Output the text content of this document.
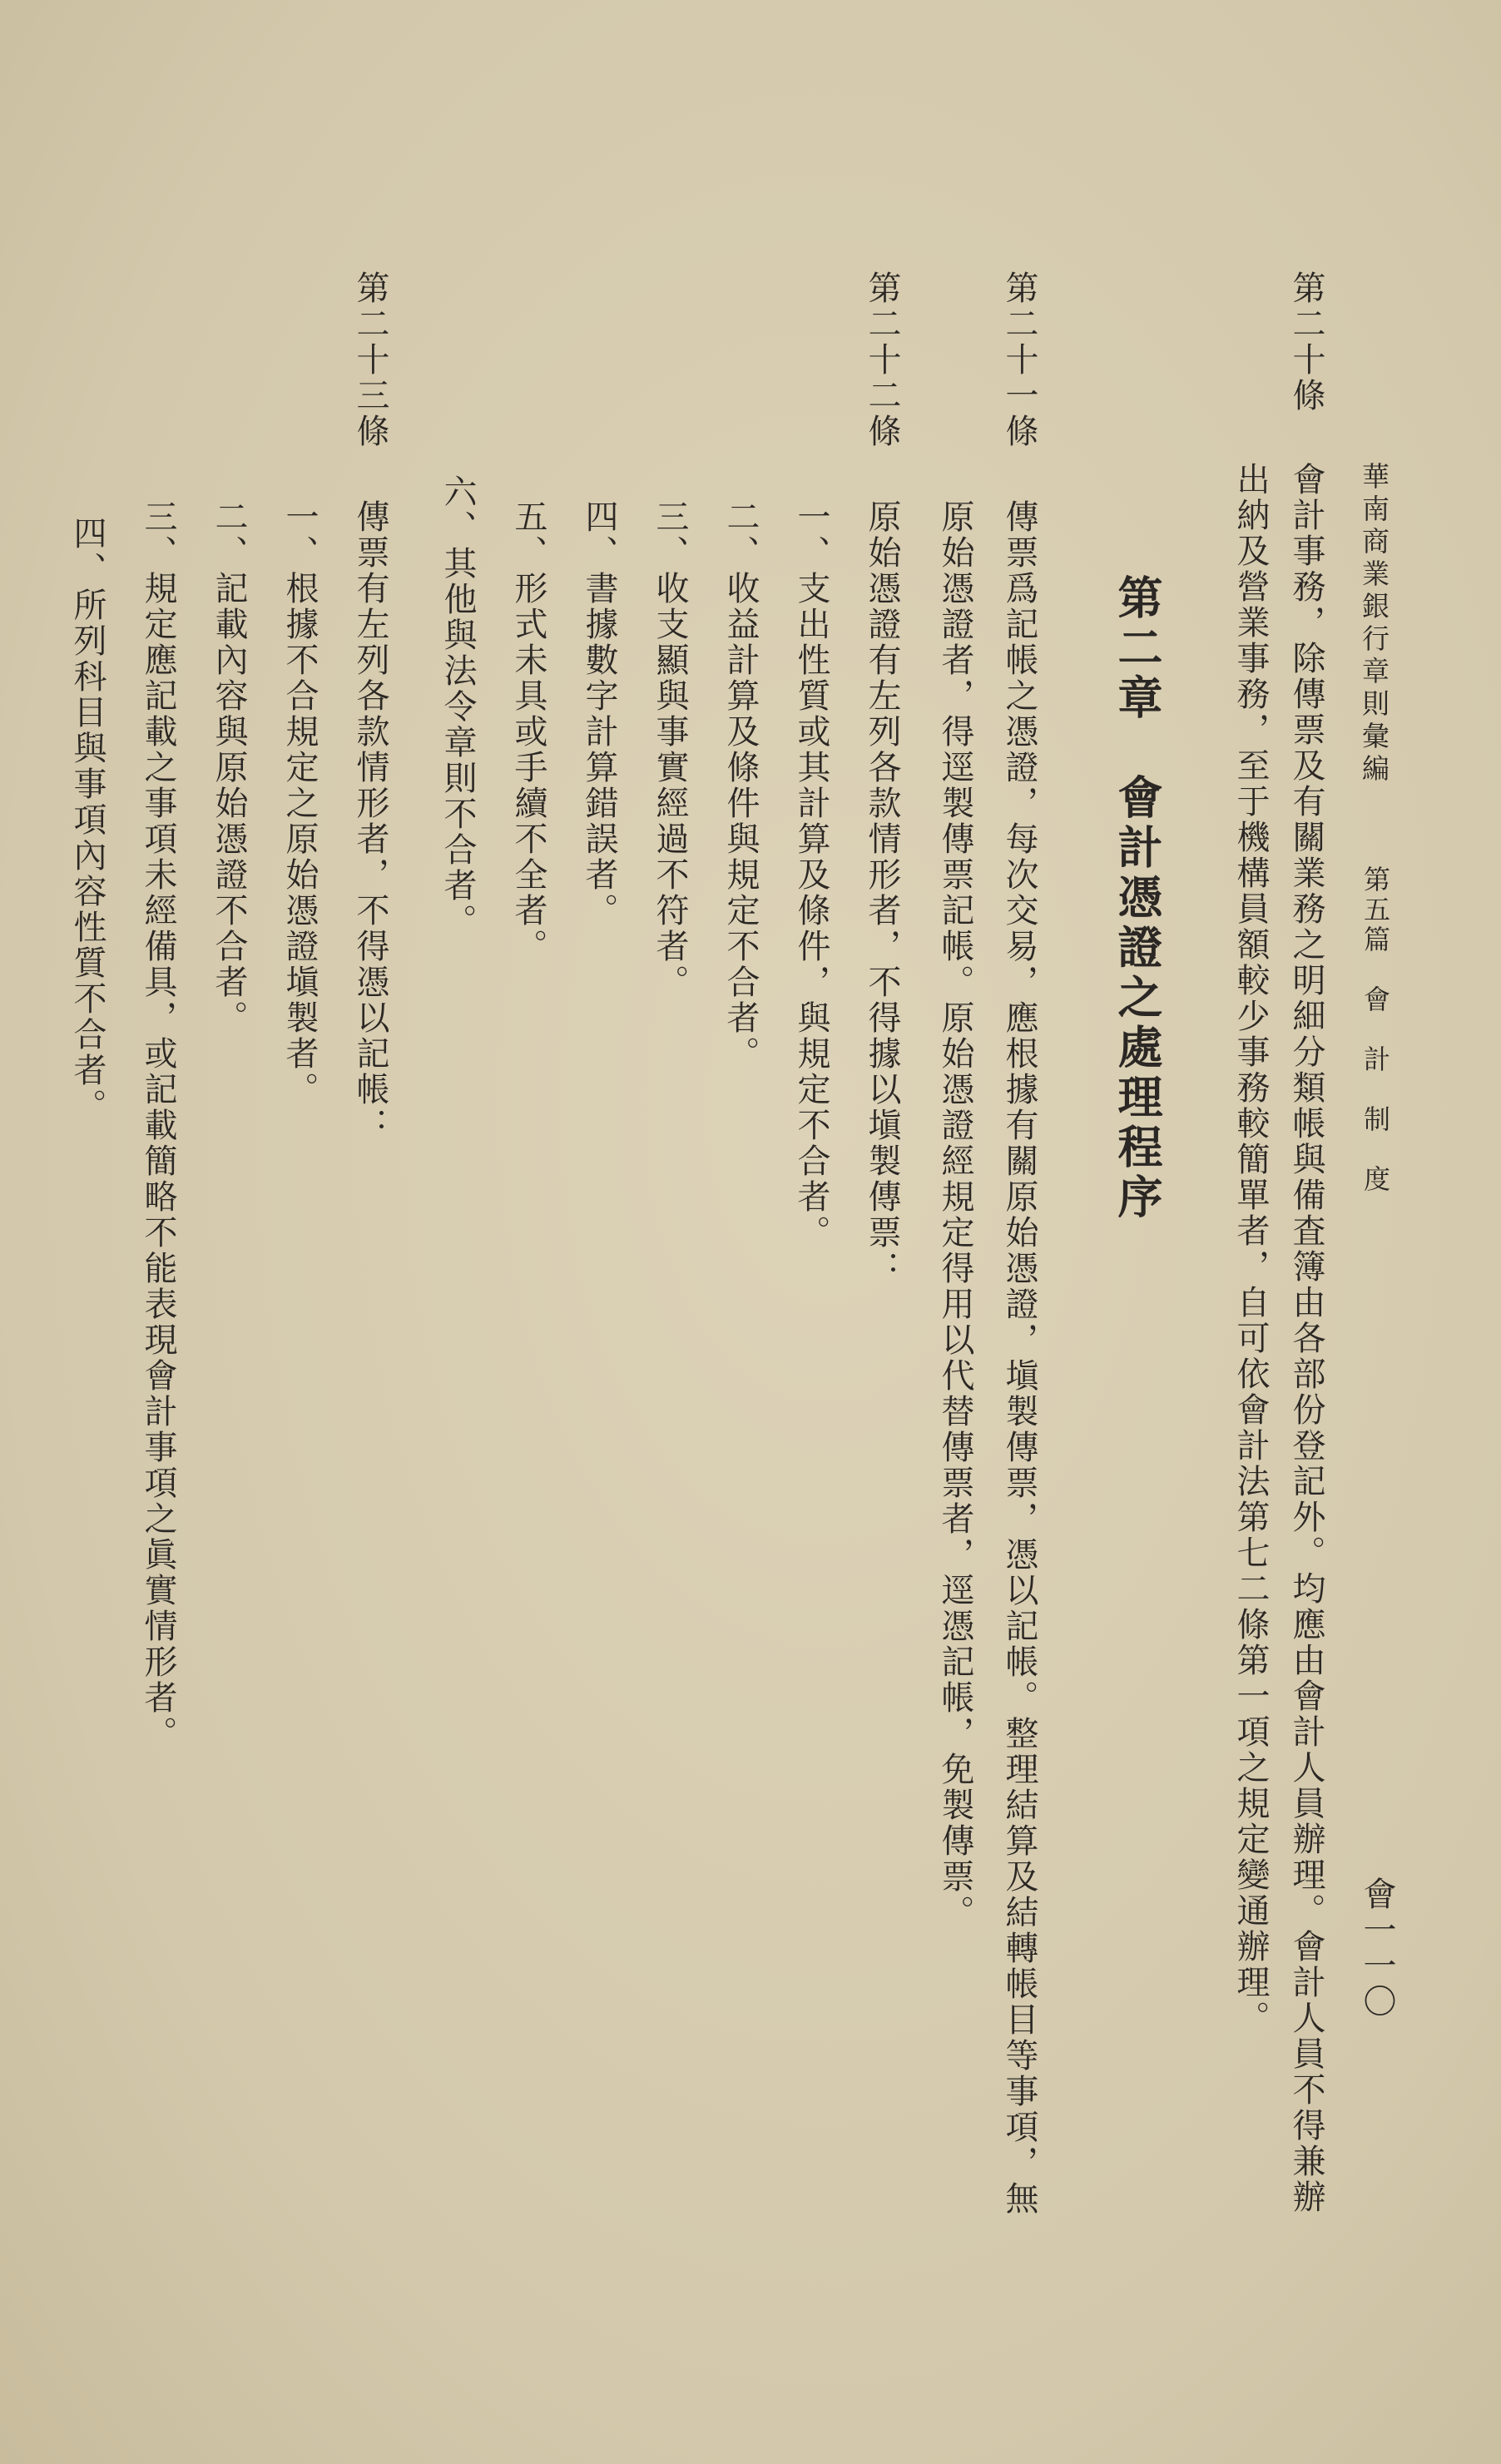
華南商業銀行章則彙編
第五篇　會　計　制　度
會一一〇
第二十條
會計事務，除傳票及有關業務之明細分類帳與備査簿由各部份登記外。均應由會計人員辦理。會計人員不得兼辦
出納及營業事務，至于機構員額較少事務較簡單者，自可依會計法第七二條第一項之規定變通辦理。
第二章　會計憑證之處理程序
第二十一條
傳票爲記帳之憑證，每次交易，應根據有關原始憑證，塡製傳票，憑以記帳。整理結算及結轉帳目等事項，無
原始憑證者，得逕製傳票記帳。原始憑證經規定得用以代替傳票者，逕憑記帳，免製傳票。
第二十二條
原始憑證有左列各款情形者，不得據以塡製傳票：
一、支出性質或其計算及條件，與規定不合者。
二、收益計算及條件與規定不合者。
三、收支顯與事實經過不符者。
四、書據數字計算錯誤者。
五、形式未具或手續不全者。
六、其他與法令章則不合者。
第二十三條
傳票有左列各款情形者，不得憑以記帳：
一、根據不合規定之原始憑證塡製者。
二、記載內容與原始憑證不合者。
三、規定應記載之事項未經備具，或記載簡略不能表現會計事項之眞實情形者。
四、所列科目與事項內容性質不合者。
